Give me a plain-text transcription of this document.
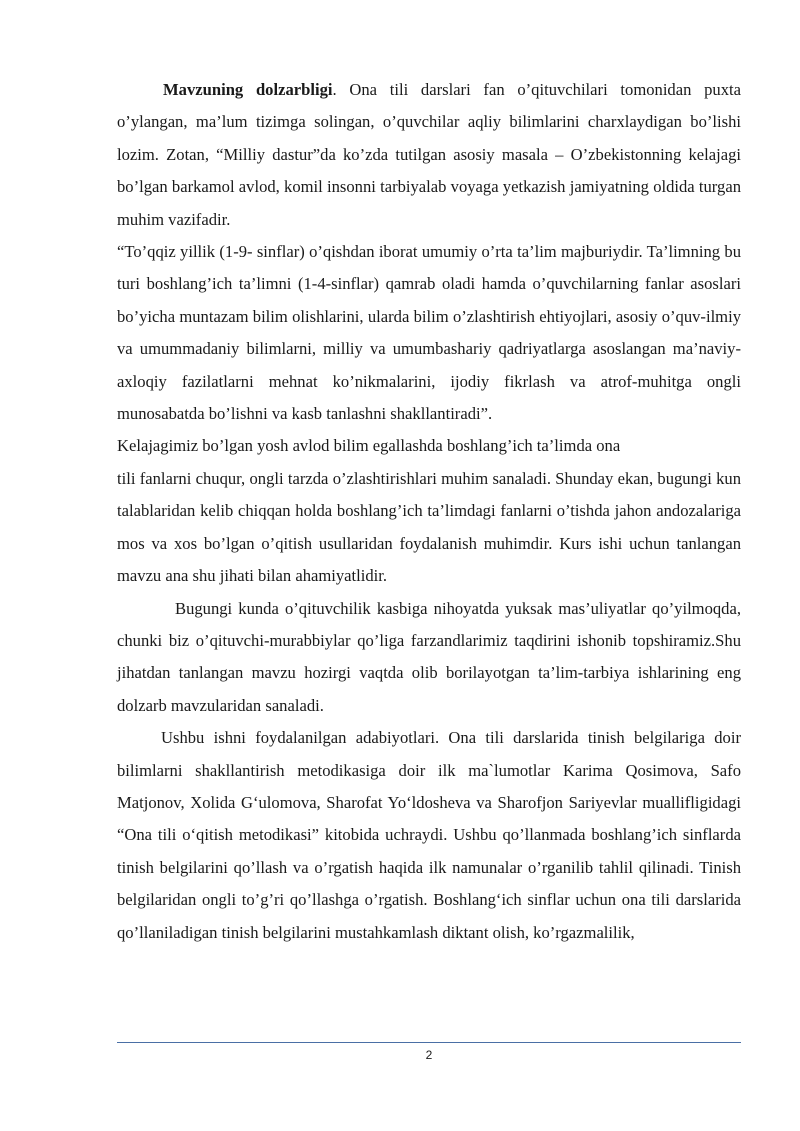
Mavzuning dolzarbligi. Ona tili darslari fan o’qituvchilari tomonidan puxta o’ylangan, ma’lum tizimga solingan, o’quvchilar aqliy bilimlarini charxlaydigan bo’lishi lozim. Zotan, “Milliy dastur”da ko’zda tutilgan asosiy masala – O’zbekistonning kelajagi bo’lgan barkamol avlod, komil insonni tarbiyalab voyaga yetkazish jamiyatning oldida turgan muhim vazifadir.

“To’qqiz yillik (1-9- sinflar) o’qishdan iborat umumiy o’rta ta’lim majburiydir. Ta’limning bu turi boshlang’ich ta’limni (1-4-sinflar) qamrab oladi hamda o’quvchilarning fanlar asoslari bo’yicha muntazam bilim olishlarini, ularda bilim o’zlashtirish ehtiyojlari, asosiy o’quv-ilmiy va umummadaniy bilimlarni, milliy va umumbashariy qadriyatlarga asoslangan ma’naviy-axloqiy fazilatlarni mehnat ko’nikmalarini, ijodiy fikrlash va atrof-muhitga ongli munosabatda bo’lishni va kasb tanlashni shakllantiradi”.

Kelajagimiz bo’lgan yosh avlod bilim egallashda boshlang’ich ta’limda ona

tili fanlarni chuqur, ongli tarzda o’zlashtirishlari muhim sanaladi. Shunday ekan, bugungi kun talablaridan kelib chiqqan holda boshlang’ich ta’limdagi fanlarni o’tishda jahon andozalariga mos va xos bo’lgan o’qitish usullaridan foydalanish muhimdir. Kurs ishi uchun tanlangan mavzu ana shu jihati bilan ahamiyatlidir.

Bugungi kunda o’qituvchilik kasbiga nihoyatda yuksak mas’uliyatlar qo’yilmoqda, chunki biz o’qituvchi-murabbiylar qo’liga farzandlarimiz taqdirini ishonib topshiramiz.Shu jihatdan tanlangan mavzu hozirgi vaqtda olib borilayotgan ta’lim-tarbiya ishlarining eng dolzarb mavzularidan sanaladi.

Ushbu ishni foydalanilgan adabiyotlari. Ona tili darslarida tinish belgilariga doir bilimlarni shakllantirish metodikasiga doir ilk ma`lumotlar Karima Qosimova, Safo Matjonov, Xolida G‘ulomova, Sharofat Yo‘ldosheva va Sharofjon Sariyevlar muallifligidagi “Ona tili o‘qitish metodikasi” kitobida uchraydi. Ushbu qo’llanmada boshlang’ich sinflarda tinish belgilarini qo’llash va o’rgatish haqida ilk namunalar o’rganilib tahlil qilinadi. Tinish belgilaridan ongli to’g’ri qo’llashga o’rgatish. Boshlang‘ich sinflar uchun ona tili darslarida qo’llaniladigan tinish belgilarini mustahkamlash diktant olish, ko’rgazmalilik,

2
